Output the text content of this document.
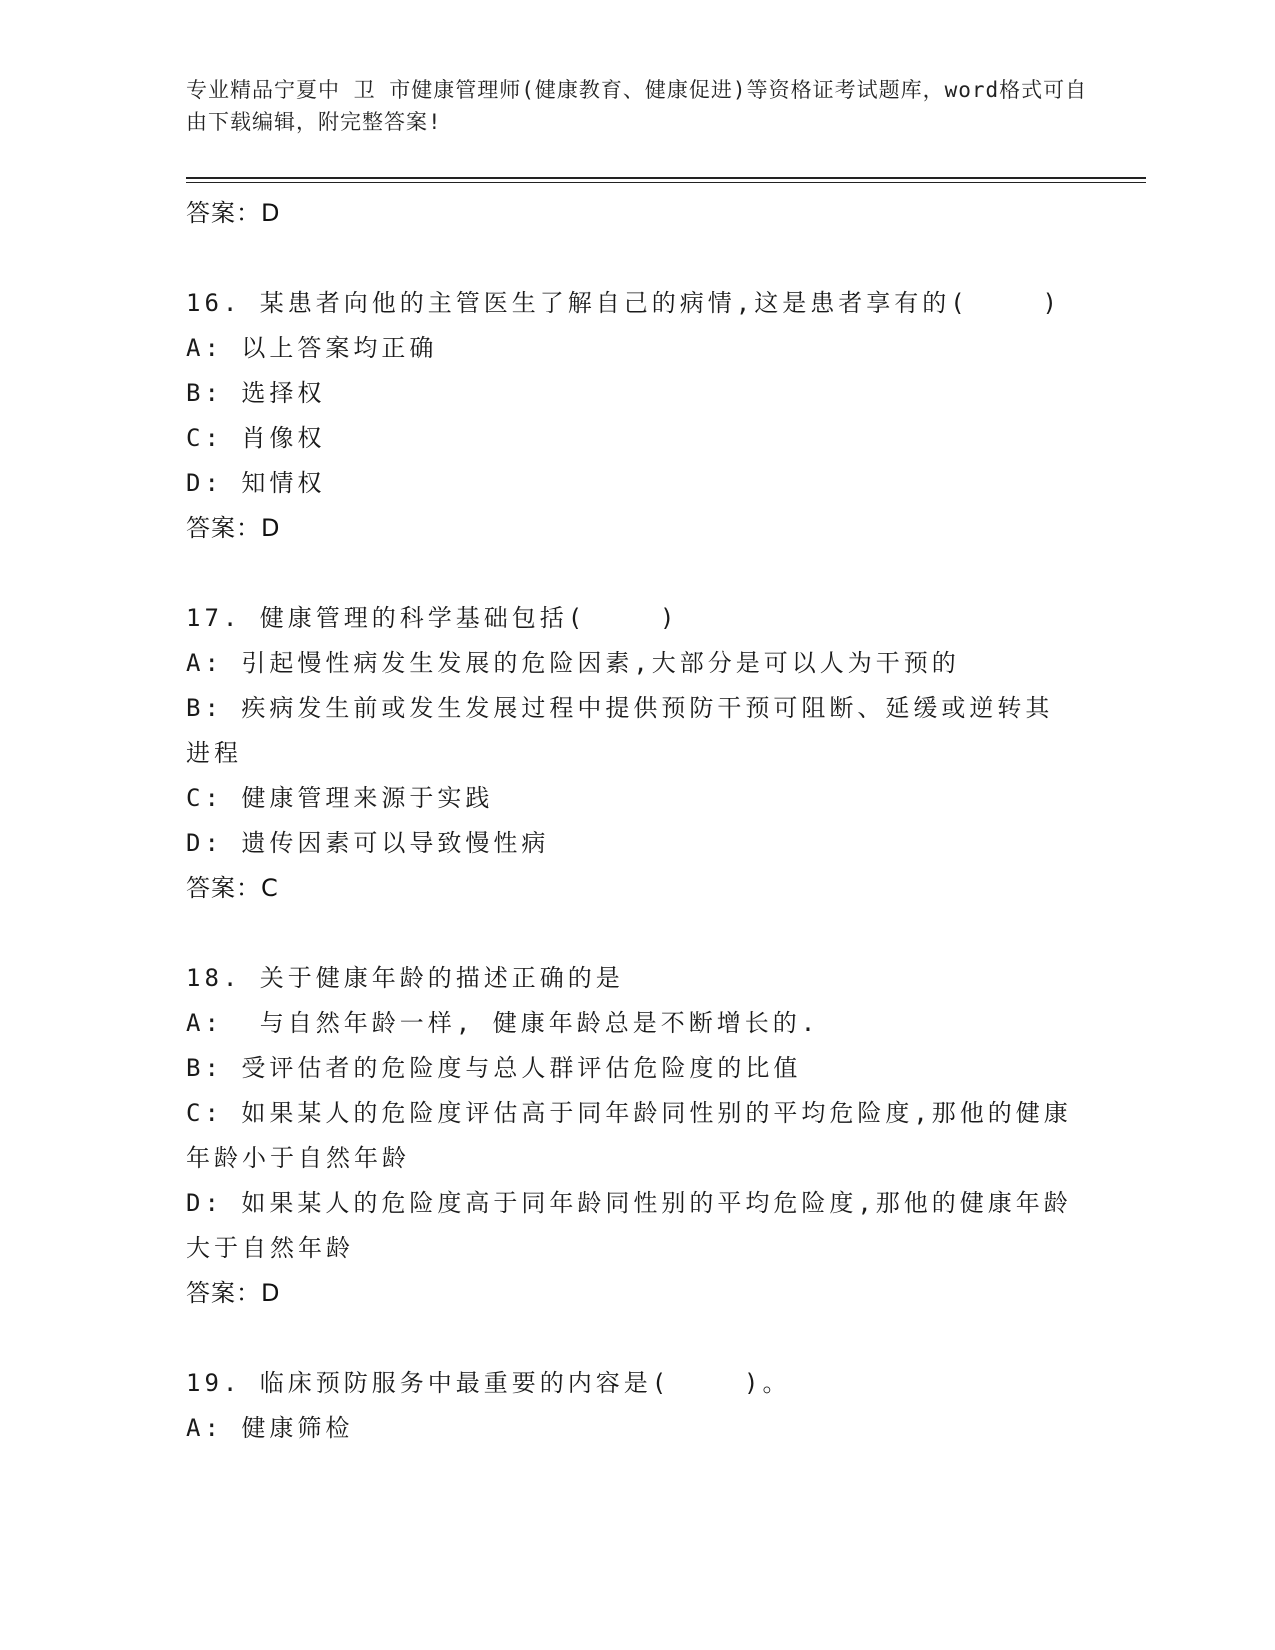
专业精品宁夏中 卫 市健康管理师(健康教育、健康促进)等资格证考试题库，word格式可自由下载编辑，附完整答案!

答案：D

16. 某患者向他的主管医生了解自己的病情,这是患者享有的(    )

A: 以上答案均正确

B: 选择权

C: 肖像权

D: 知情权

答案：D

17. 健康管理的科学基础包括(    )

A: 引起慢性病发生发展的危险因素,大部分是可以人为干预的

B: 疾病发生前或发生发展过程中提供预防干预可阻断、延缓或逆转其进程

C: 健康管理来源于实践

D: 遗传因素可以导致慢性病

答案：C

18. 关于健康年龄的描述正确的是

A:  与自然年龄一样, 健康年龄总是不断增长的.

B: 受评估者的危险度与总人群评估危险度的比值

C: 如果某人的危险度评估高于同年龄同性别的平均危险度,那他的健康年龄小于自然年龄

D: 如果某人的危险度高于同年龄同性别的平均危险度,那他的健康年龄大于自然年龄

答案：D

19. 临床预防服务中最重要的内容是(    )。

A: 健康筛检
